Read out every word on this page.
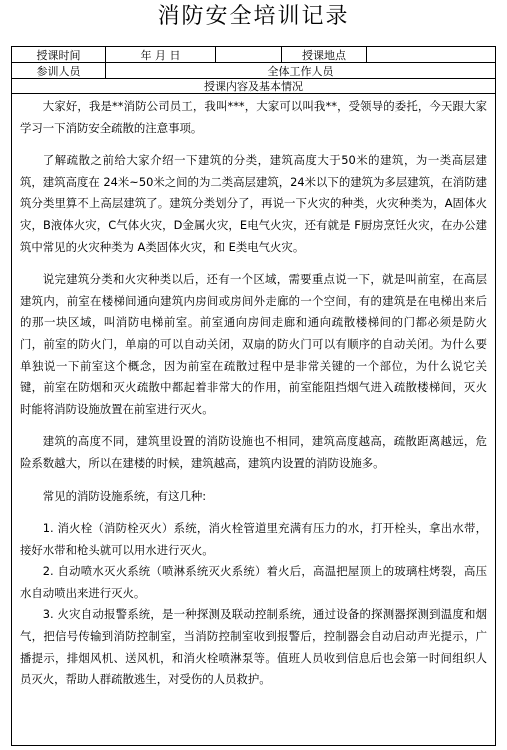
消防安全培训记录
授课时间	年 月 日	授课地点
参训人员	全体工作人员
授课内容及基本情况

大家好，我是**消防公司员工，我叫***，大家可以叫我**，受领导的委托，今天跟大家学习一下消防安全疏散的注意事项。

了解疏散之前给大家介绍一下建筑的分类，建筑高度大于50米的建筑，为一类高层建筑，建筑高度在 24米~50米之间的为二类高层建筑，24米以下的建筑为多层建筑，在消防建筑分类里算不上高层建筑了。建筑分类划分了，再说一下火灾的种类，火灾种类为，A固体火灾，B液体火灾，C气体火灾，D金属火灾，E电气火灾，还有就是 F厨房烹饪火灾，在办公建筑中常见的火灾种类为 A类固体火灾，和 E类电气火灾。

说完建筑分类和火灾种类以后，还有一个区域，需要重点说一下，就是叫前室，在高层建筑内，前室在楼梯间通向建筑内房间或房间外走廊的一个空间，有的建筑是在电梯出来后的那一块区域，叫消防电梯前室。前室通向房间走廊和通向疏散楼梯间的门都必须是防火门，前室的防火门，单扇的可以自动关闭，双扇的防火门可以有顺序的自动关闭。为什么要单独说一下前室这个概念，因为前室在疏散过程中是非常关键的一个部位，为什么说它关键，前室在防烟和灭火疏散中都起着非常大的作用，前室能阻挡烟气进入疏散楼梯间，灭火时能将消防设施放置在前室进行灭火。

建筑的高度不同，建筑里设置的消防设施也不相同，建筑高度越高，疏散距离越远，危险系数越大，所以在建楼的时候，建筑越高，建筑内设置的消防设施多。

常见的消防设施系统，有这几种:

1. 消火栓（消防栓灭火）系统，消火栓管道里充满有压力的水，打开栓头，拿出水带，接好水带和枪头就可以用水进行灭火。

2. 自动喷水灭火系统（喷淋系统灭火系统）着火后，高温把屋顶上的玻璃柱烤裂，高压水自动喷出来进行灭火。

3. 火灾自动报警系统，是一种探测及联动控制系统，通过设备的探测器探测到温度和烟气，把信号传输到消防控制室，当消防控制室收到报警后，控制器会自动启动声光提示，广播提示，排烟风机、送风机，和消火栓喷淋泵等。值班人员收到信息后也会第一时间组织人员灭火，帮助人群疏散逃生，对受伤的人员救护。
